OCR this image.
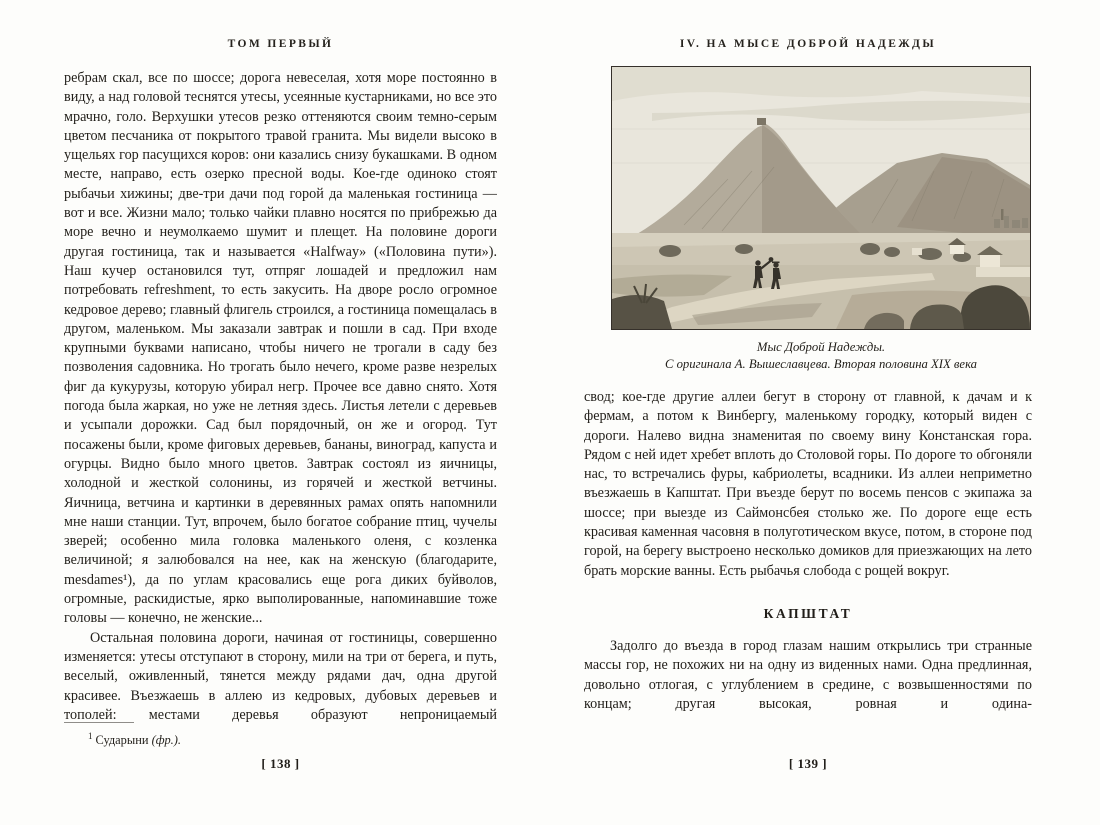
ТОМ ПЕРВЫЙ

ребрам скал, все по шоссе; дорога невеселая, хотя море постоянно в виду, а над головой теснятся утесы, усеянные кустарниками, но все это мрачно, голо. Верхушки утесов резко оттеняются своим темно-серым цветом песчаника от покрытого травой гранита. Мы видели высоко в ущельях гор пасущихся коров: они казались снизу букашками. В одном месте, направо, есть озерко пресной воды. Кое-где одиноко стоят рыбачьи хижины; две-три дачи под горой да маленькая гостиница — вот и все. Жизни мало; только чайки плавно носятся по прибрежью да море вечно и неумолкаемо шумит и плещет. На половине дороги другая гостиница, так и называется «Halfway» («Половина пути»). Наш кучер остановился тут, отпряг лошадей и предложил нам потребовать refreshment, то есть закусить. На дворе росло огромное кедровое дерево; главный флигель строился, а гостиница помещалась в другом, маленьком. Мы заказали завтрак и пошли в сад. При входе крупными буквами написано, чтобы ничего не трогали в саду без позволения садовника. Но трогать было нечего, кроме разве незрелых фиг да кукурузы, которую убирал негр. Прочее все давно снято. Хотя погода была жаркая, но уже не летняя здесь. Листья летели с деревьев и усыпали дорожки. Сад был порядочный, он же и огород. Тут посажены были, кроме фиговых деревьев, бананы, виноград, капуста и огурцы. Видно было много цветов. Завтрак состоял из яичницы, холодной и жесткой солонины, из горячей и жесткой ветчины. Яичница, ветчина и картинки в деревянных рамах опять напомнили мне наши станции. Тут, впрочем, было богатое собрание птиц, чучелы зверей; особенно мила головка маленького оленя, с козленка величиной; я залюбовался на нее, как на женскую (благодарите, mesdames¹), да по углам красовались еще рога диких буйволов, огромные, раскидистые, ярко выполированные, напоминавшие тоже головы — конечно, не женские...

Остальная половина дороги, начиная от гостиницы, совершенно изменяется: утесы отступают в сторону, мили на три от берега, и путь, веселый, оживленный, тянется между рядами дач, одна другой красивее. Въезжаешь в аллею из кедровых, дубовых деревьев и тополей: местами деревья образуют непроницаемый

$^1$ Сударыни (фр.).

[ 138 ]
IV. НА МЫСЕ ДОБРОЙ НАДЕЖДЫ
Мыс Доброй Надежды.
С оригинала А. Вышеславцева. Вторая половина XIX века

свод; кое-где другие аллеи бегут в сторону от главной, к дачам и к фермам, а потом к Винбергу, маленькому городку, который виден с дороги. Налево видна знаменитая по своему вину Констанская гора. Рядом с ней идет хребет вплоть до Столовой горы. По дороге то обгоняли нас, то встречались фуры, кабриолеты, всадники. Из аллеи неприметно въезжаешь в Капштат. При въезде берут по восемь пенсов с экипажа за шоссе; при выезде из Саймонсбея столько же. По дороге еще есть красивая каменная часовня в полуготическом вкусе, потом, в стороне под горой, на берегу выстроено несколько домиков для приезжающих на лето брать морские ванны. Есть рыбачья слобода с рощей вокруг.

КАПШТАТ

Задолго до въезда в город глазам нашим открылись три странные массы гор, не похожих ни на одну из виденных нами. Одна предлинная, довольно отлогая, с углублением в средине, с возвышенностями по концам; другая высокая, ровная и одина-

[ 139 ]
